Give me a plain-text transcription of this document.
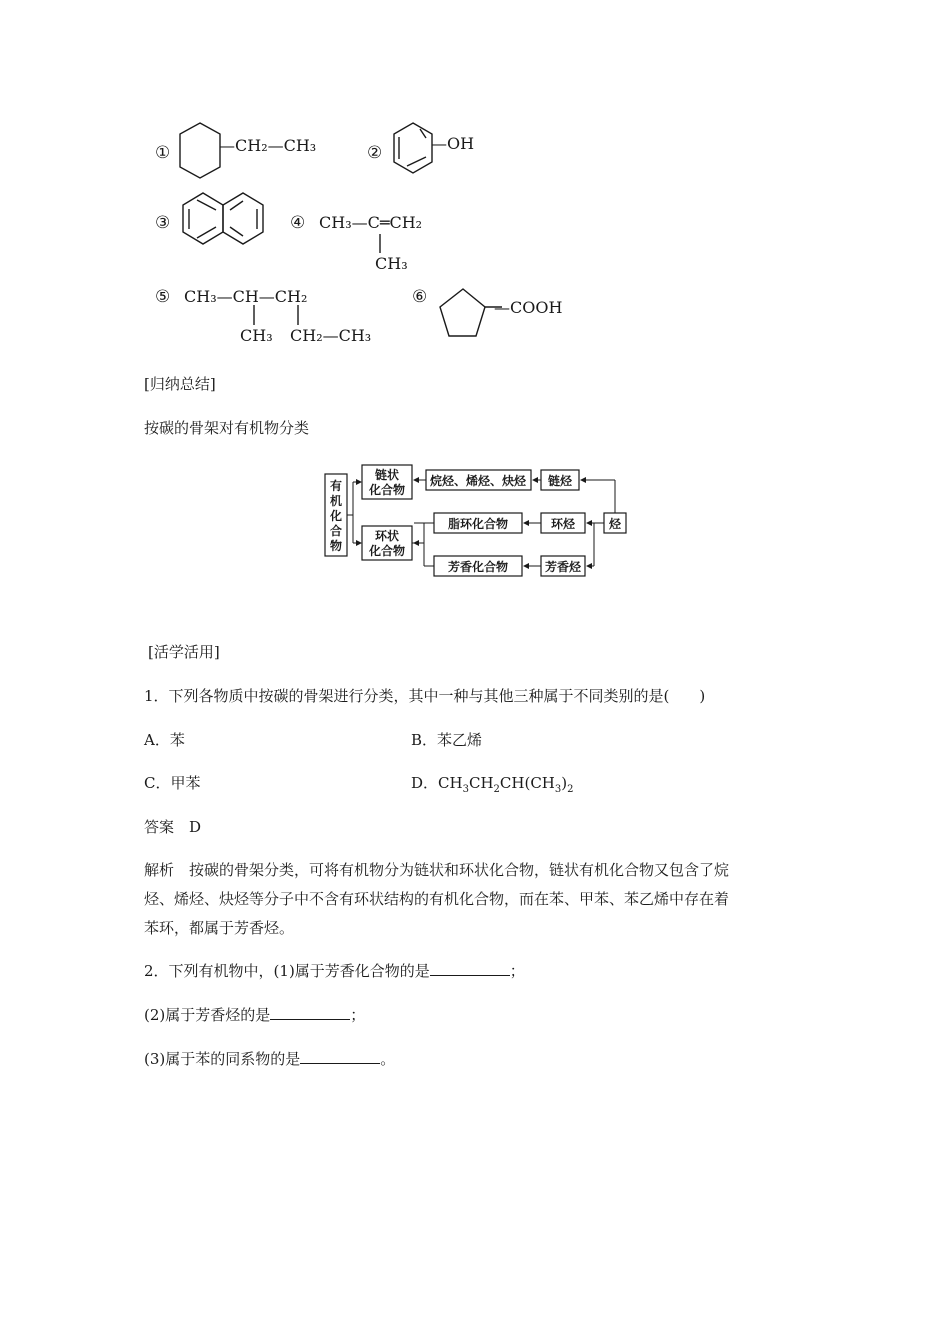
①	—CH₂—CH₃	②	—OH
③	④ CH₃—C═CH₂
CH₃
⑤ CH₃—CH—CH₂
CH₃ CH₂—CH₃
⑥
—COOH
[归纳总结]
按碳的骨架对有机物分类
有
机
化
合
物
链状
化合物
环状
化合物
烷烃、烯烃、炔烃 链烃
脂环化合物	环烃	烃
芳香化合物	芳香烃
[活学活用]
1．下列各物质中按碳的骨架进行分类，其中一种与其他三种属于不同类别的是(　　)
A．苯	B．苯乙烯
C．甲苯	D．$CH_3CH_2CH(CH_3)_2$
答案　D
解析　按碳的骨架分类，可将有机物分为链状和环状化合物，链状有机化合物又包含了烷
烃、烯烃、炔烃等分子中不含有环状结构的有机化合物，而在苯、甲苯、苯乙烯中存在着
苯环，都属于芳香烃。
2．下列有机物中，(1)属于芳香化合物的是	；
(2)属于芳香烃的是	；
(3)属于苯的同系物的是	。
